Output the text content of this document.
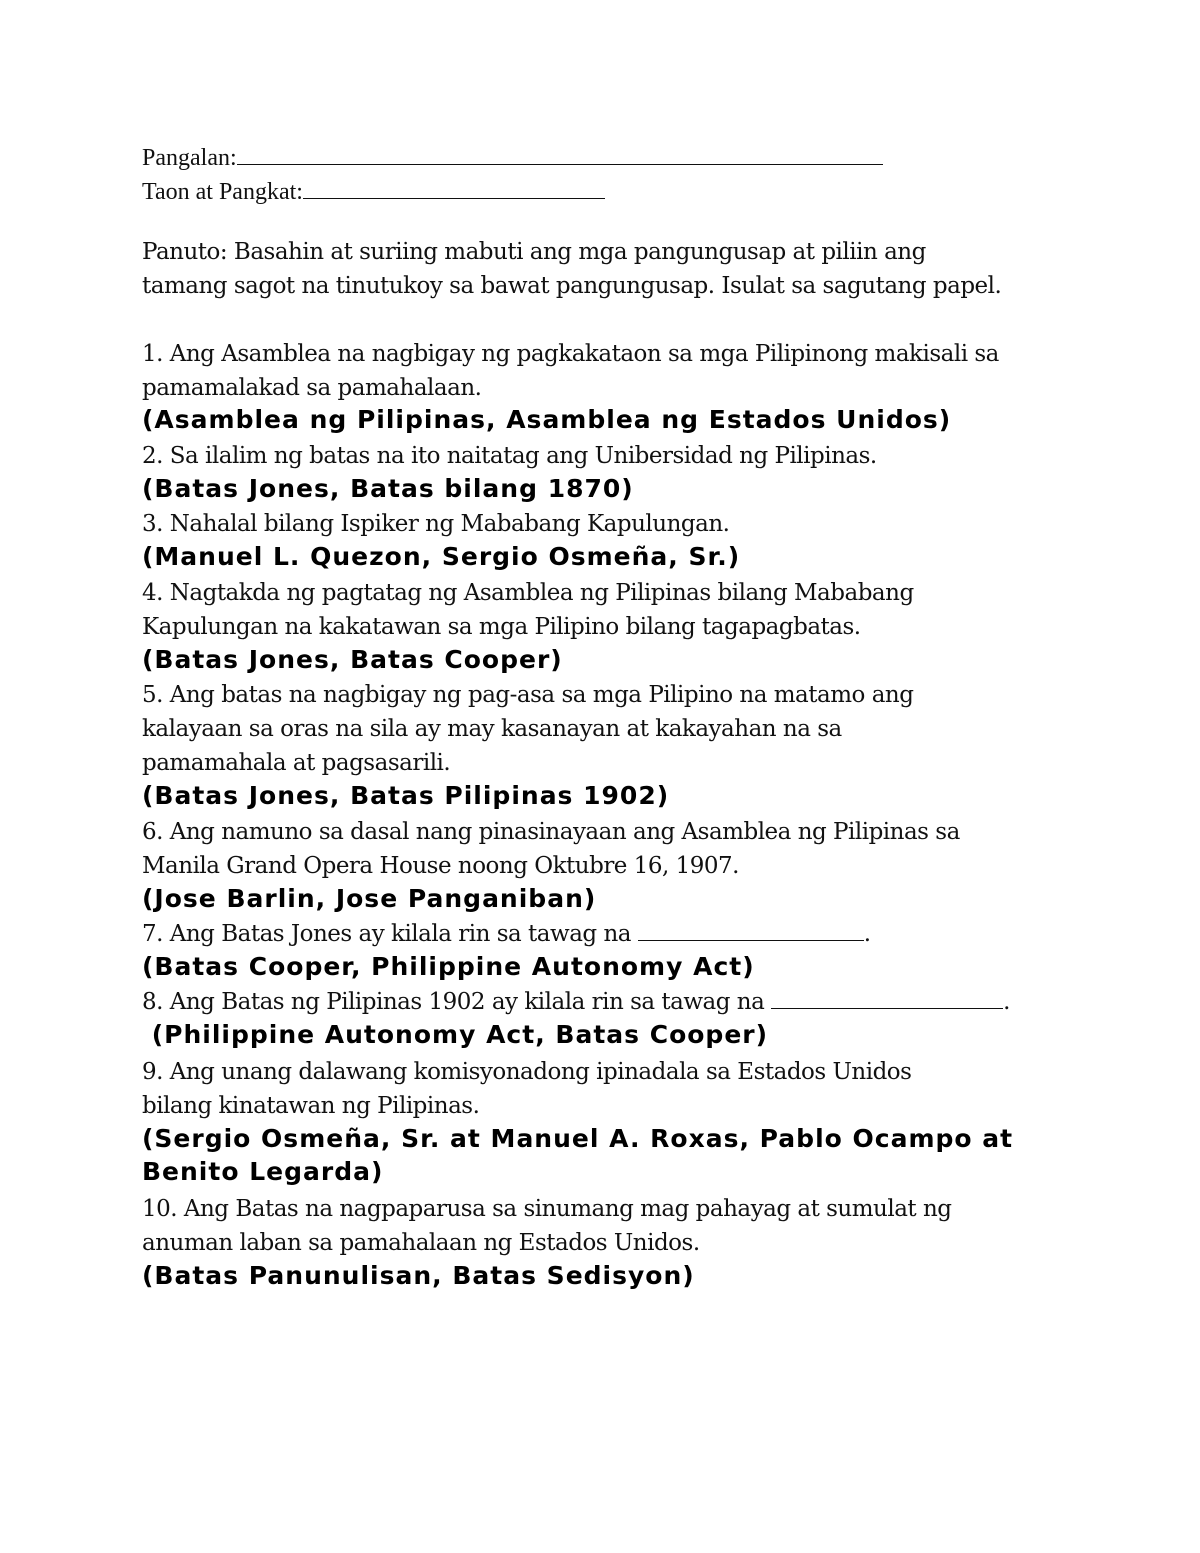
Pangalan:
Taon at Pangkat:
Panuto: Basahin at suriing mabuti ang mga pangungusap at piliin ang
tamang sagot na tinutukoy sa bawat pangungusap. Isulat sa sagutang papel.
1. Ang Asamblea na nagbigay ng pagkakataon sa mga Pilipinong makisali sa
pamamalakad sa pamahalaan.
(Asamblea ng Pilipinas, Asamblea ng Estados Unidos)
2. Sa ilalim ng batas na ito naitatag ang Unibersidad ng Pilipinas.
(Batas Jones, Batas bilang 1870)
3. Nahalal bilang Ispiker ng Mababang Kapulungan.
(Manuel L. Quezon, Sergio Osmeña, Sr.)
4. Nagtakda ng pagtatag ng Asamblea ng Pilipinas bilang Mababang
Kapulungan na kakatawan sa mga Pilipino bilang tagapagbatas.
(Batas Jones, Batas Cooper)
5. Ang batas na nagbigay ng pag-asa sa mga Pilipino na matamo ang
kalayaan sa oras na sila ay may kasanayan at kakayahan na sa
pamamahala at pagsasarili.
(Batas Jones, Batas Pilipinas 1902)
6. Ang namuno sa dasal nang pinasinayaan ang Asamblea ng Pilipinas sa
Manila Grand Opera House noong Oktubre 16, 1907.
(Jose Barlin, Jose Panganiban)
7. Ang Batas Jones ay kilala rin sa tawag na	.
(Batas Cooper, Philippine Autonomy Act)
8. Ang Batas ng Pilipinas 1902 ay kilala rin sa tawag na	.
(Philippine Autonomy Act, Batas Cooper)
9. Ang unang dalawang komisyonadong ipinadala sa Estados Unidos
bilang kinatawan ng Pilipinas.
(Sergio Osmeña, Sr. at Manuel A. Roxas, Pablo Ocampo at
Benito Legarda)
10. Ang Batas na nagpaparusa sa sinumang mag pahayag at sumulat ng
anuman laban sa pamahalaan ng Estados Unidos.
(Batas Panunulisan, Batas Sedisyon)
